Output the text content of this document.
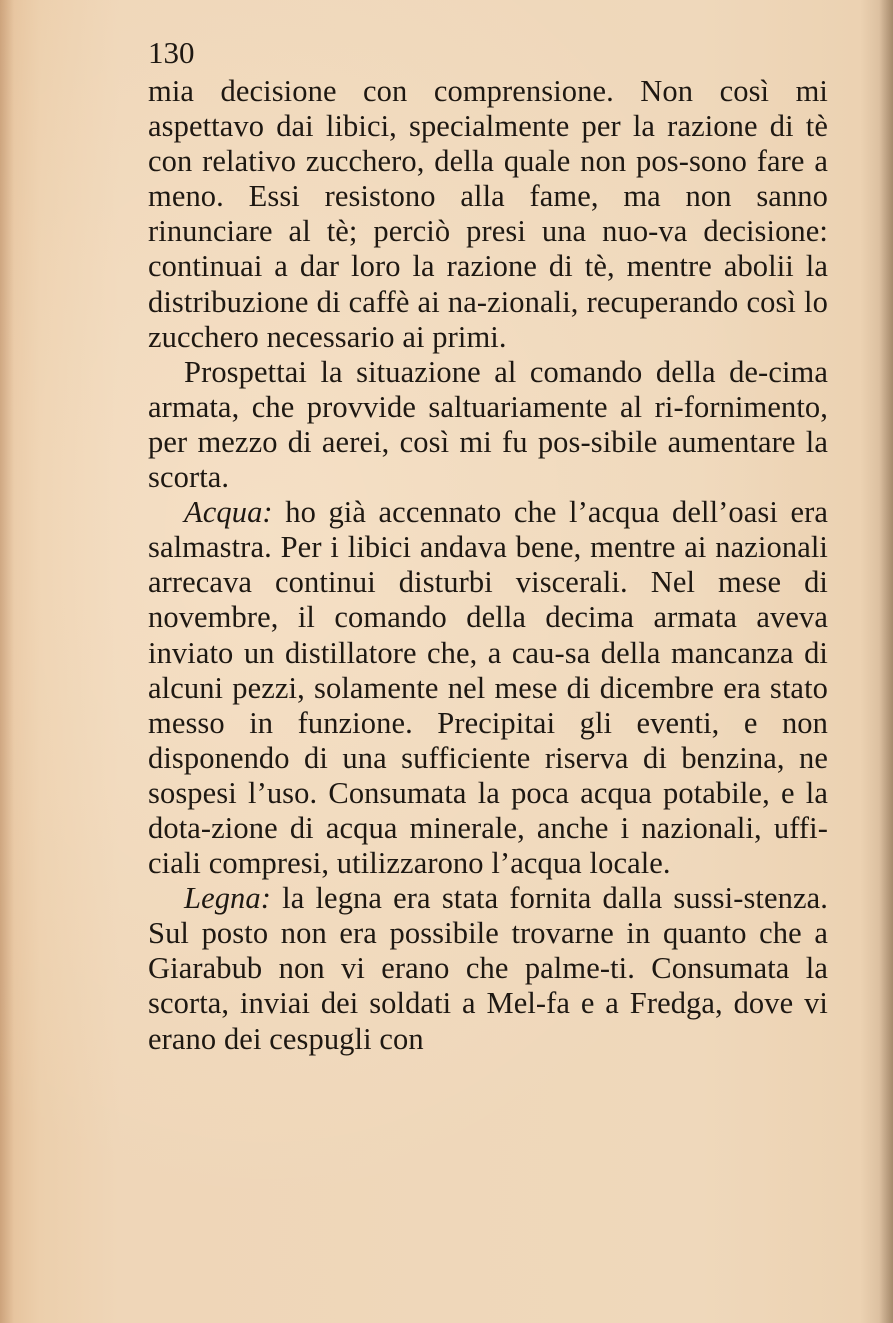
130

mia decisione con comprensione. Non così mi aspettavo dai libici, specialmente per la razione di tè con relativo zucchero, della quale non pos-sono fare a meno. Essi resistono alla fame, ma non sanno rinunciare al tè; perciò presi una nuo-va decisione: continuai a dar loro la razione di tè, mentre abolii la distribuzione di caffè ai na-zionali, recuperando così lo zucchero necessario ai primi.

Prospettai la situazione al comando della de-cima armata, che provvide saltuariamente al ri-fornimento, per mezzo di aerei, così mi fu pos-sibile aumentare la scorta.

Acqua: ho già accennato che l’acqua dell’oasi era salmastra. Per i libici andava bene, mentre ai nazionali arrecava continui disturbi viscerali. Nel mese di novembre, il comando della decima armata aveva inviato un distillatore che, a cau-sa della mancanza di alcuni pezzi, solamente nel mese di dicembre era stato messo in funzione. Precipitai gli eventi, e non disponendo di una sufficiente riserva di benzina, ne sospesi l’uso. Consumata la poca acqua potabile, e la dota-zione di acqua minerale, anche i nazionali, uffi-ciali compresi, utilizzarono l’acqua locale.

Legna: la legna era stata fornita dalla sussi-stenza. Sul posto non era possibile trovarne in quanto che a Giarabub non vi erano che palme-ti. Consumata la scorta, inviai dei soldati a Mel-fa e a Fredga, dove vi erano dei cespugli con
